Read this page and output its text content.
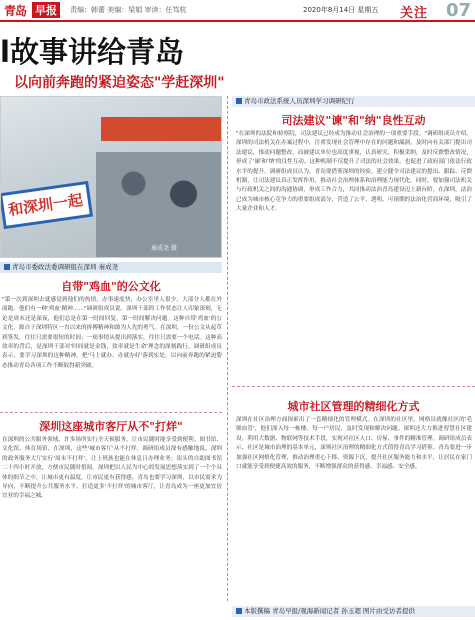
青岛 早报	责编：韩蕾 美编：梁娟 审读：任笃杭	2020年8月14日 星期五 关注 07
l故事讲给青岛
以向前奔跑的紧迫姿态"学赶深圳"
和深圳一起
秦成尧 摄
青岛市委政法委调研组在深圳 秦成尧
自带"鸡血"的公文化
"第一次到深圳去就感觉到他们的热情，办事速度快，办公室里人很少，大部分人都在外面跑。他们有一种'鸡血'精神……"调研组成员说。深圳干部的工作状态让人印象深刻，无论是周末还是深夜，他们总是在第一时间回复，第一时间解决问题。这种自带'鸡血'的公文化，源自于深圳特区一直以来的拼搏精神和敢为人先的勇气。在深圳，一份公文从起草到签发，往往只需要很短的时间；一项事情从提出到落实，往往只需要一个电话。这种高效率的背后，是深圳干部对'时间就是金钱，效率就是生命'理念的深刻践行。调研组成员表示，要学习深圳的这种精神，把'马上就办、办就办好'落到实处，以向前奔跑的紧迫姿态推动青岛各项工作不断取得新突破。
深圳这座城市客厅从不"打烊"
在深圳的公共服务领域，许多场所实行全天候服务，让市民随时能享受到便利。图书馆、文化馆、体育场馆，在深圳，这些'城市客厅'从不打烊。调研组成员深有感触地说，深圳的政务服务大厅实行'周末不打烊'，让上班族也能在休息日办理业务；街头的自助图书馆二十四小时开放，方便市民随时借阅。深圳把以人民为中心的发展思想落实到了一个个具体的细节之中，让城市更有温度，让市民更有获得感。青岛也要学习深圳，以市民需求为导向，不断提升公共服务水平，打造更多'不打烊'的城市客厅，让青岛成为一座更加宜居宜业的幸福之城。
青岛市政法系统人员深圳学习调研纪行
司法建议"谏"和"纳"良性互动
"在深圳的法院和检察院，司法建议已经成为推动社会治理的一项重要手段。"调研组成员介绍。深圳的司法机关在办案过程中，注重发现社会管理中存在的问题和漏洞，及时向有关部门提出司法建议，推动问题整改。而被建议单位也高度重视，认真研究、积极采纳，及时反馈整改情况，形成了'谏'和'纳'的良性互动。这种机制不仅提升了司法的社会效果，也促进了政府部门依法行政水平的提升。调研组成员认为，青岛要借鉴深圳的经验，建立健全司法建议的提出、跟踪、反馈机制，让司法建议真正发挥作用，推动社会治理体系和治理能力现代化。同时，要加强司法机关与行政机关之间的沟通协调，形成工作合力，共同推动法治青岛建设迈上新台阶。在深圳，法治已成为城市核心竞争力的重要组成部分，营造了公平、透明、可预期的法治化营商环境，吸引了大量企业和人才。
城市社区管理的精细化方式
深圳在社区治理方面探索出了一套精细化的管理模式。在深圳的社区里，网格员就像社区的'毛细血管'，他们深入每一栋楼、每一户居民，及时发现和解决问题。深圳还大力推进智慧社区建设，利用大数据、物联网等技术手段，实现对社区人口、房屋、事件的精准管理。调研组成员表示，社区是城市治理的基本单元，深圳社区治理的精细化方式值得青岛学习借鉴。青岛要进一步加强社区网格化管理，推动治理重心下移、资源下沉，提升社区服务能力和水平，让居民在家门口就能享受到便捷高效的服务，不断增强群众的获得感、幸福感、安全感。
本版撰稿 青岛早报/观海新闻记者 孙玉超 图片由受访者提供
